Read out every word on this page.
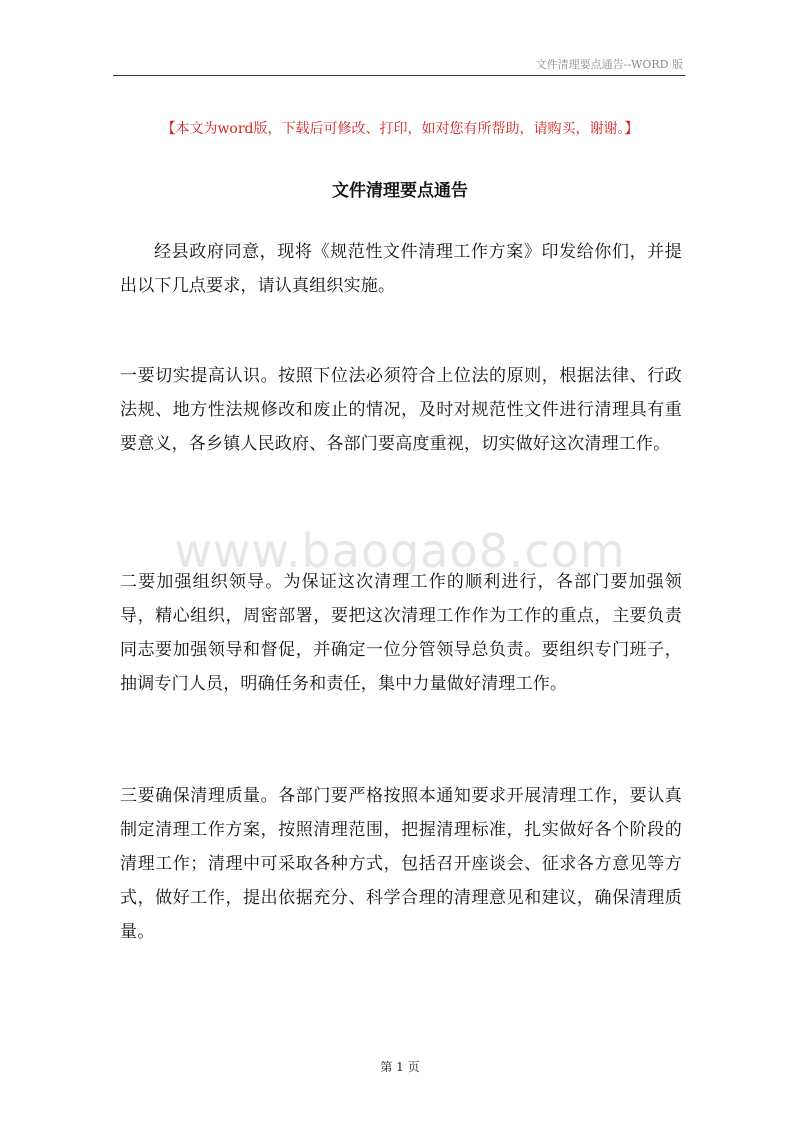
文件清理要点通告--WORD 版
【本文为word版，下载后可修改、打印，如对您有所帮助，请购买，谢谢。】
文件清理要点通告

经县政府同意，现将《规范性文件清理工作方案》印发给你们，并提出以下几点要求，请认真组织实施。

一要切实提高认识。按照下位法必须符合上位法的原则，根据法律、行政法规、地方性法规修改和废止的情况，及时对规范性文件进行清理具有重要意义，各乡镇人民政府、各部门要高度重视，切实做好这次清理工作。

www.baogao8.com

二要加强组织领导。为保证这次清理工作的顺利进行，各部门要加强领导，精心组织，周密部署，要把这次清理工作作为工作的重点，主要负责同志要加强领导和督促，并确定一位分管领导总负责。要组织专门班子，抽调专门人员，明确任务和责任，集中力量做好清理工作。

三要确保清理质量。各部门要严格按照本通知要求开展清理工作，要认真制定清理工作方案，按照清理范围，把握清理标准，扎实做好各个阶段的清理工作；清理中可采取各种方式，包括召开座谈会、征求各方意见等方式，做好工作，提出依据充分、科学合理的清理意见和建议，确保清理质量。

第 1 页
